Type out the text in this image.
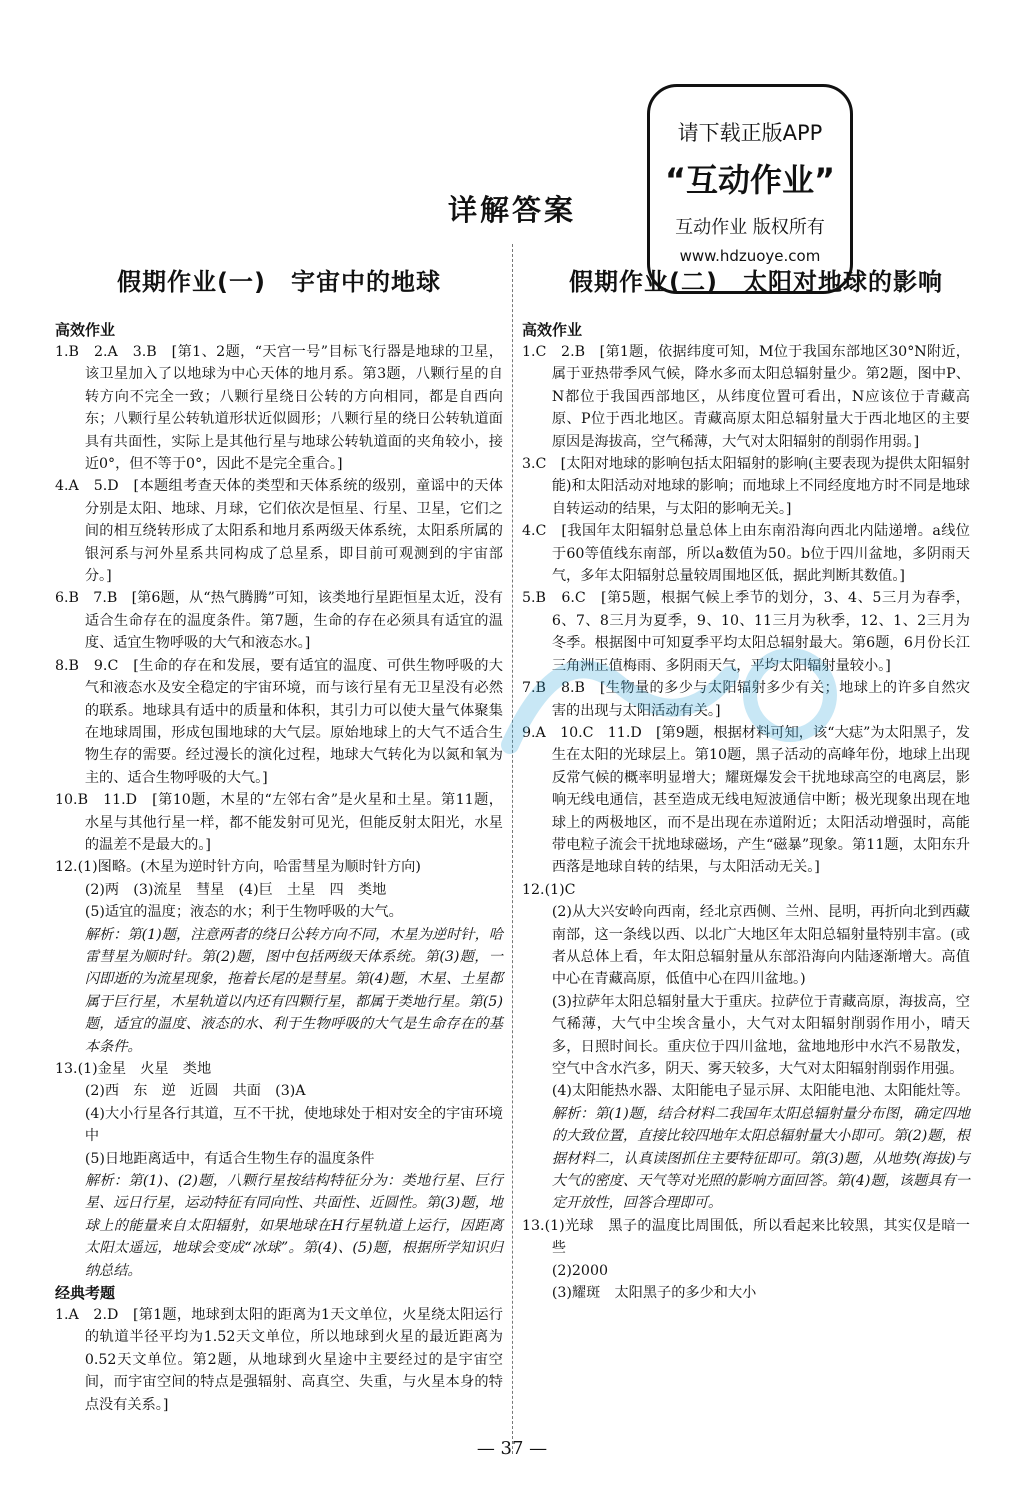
详解答案
请下载正版APP
“互动作业”
互动作业 版权所有
www.hdzuoye.com
假期作业(一)　宇宙中的地球

高效作业

1.B　2.A　3.B　[第1、2题，“天宫一号”目标飞行器是地球的卫星，该卫星加入了以地球为中心天体的地月系。第3题，八颗行星的自转方向不完全一致；八颗行星绕日公转的方向相同，都是自西向东；八颗行星公转轨道形状近似圆形；八颗行星的绕日公转轨道面具有共面性，实际上是其他行星与地球公转轨道面的夹角较小，接近0°，但不等于0°，因此不是完全重合。]

4.A　5.D　[本题组考查天体的类型和天体系统的级别，童谣中的天体分别是太阳、地球、月球，它们依次是恒星、行星、卫星，它们之间的相互绕转形成了太阳系和地月系两级天体系统，太阳系所属的银河系与河外星系共同构成了总星系，即目前可观测到的宇宙部分。]

6.B　7.B　[第6题，从“热气腾腾”可知，该类地行星距恒星太近，没有适合生命存在的温度条件。第7题，生命的存在必须具有适宜的温度、适宜生物呼吸的大气和液态水。]

8.B　9.C　[生命的存在和发展，要有适宜的温度、可供生物呼吸的大气和液态水及安全稳定的宇宙环境，而与该行星有无卫星没有必然的联系。地球具有适中的质量和体积，其引力可以使大量气体聚集在地球周围，形成包围地球的大气层。原始地球上的大气不适合生物生存的需要。经过漫长的演化过程，地球大气转化为以氮和氧为主的、适合生物呼吸的大气。]

10.B　11.D　[第10题，木星的“左邻右舍”是火星和土星。第11题，水星与其他行星一样，都不能发射可见光，但能反射太阳光，水星的温差不是最大的。]

12.(1)图略。(木星为逆时针方向，哈雷彗星为顺时针方向)

(2)两　(3)流星　彗星　(4)巨　土星　四　类地

(5)适宜的温度；液态的水；利于生物呼吸的大气。

解析：第(1)题，注意两者的绕日公转方向不同，木星为逆时针，哈雷彗星为顺时针。第(2)题，图中包括两级天体系统。第(3)题，一闪即逝的为流星现象，拖着长尾的是彗星。第(4)题，木星、土星都属于巨行星，木星轨道以内还有四颗行星，都属于类地行星。第(5)题，适宜的温度、液态的水、利于生物呼吸的大气是生命存在的基本条件。

13.(1)金星　火星　类地

(2)西　东　逆　近圆　共面　(3)A

(4)大小行星各行其道，互不干扰，使地球处于相对安全的宇宙环境中

(5)日地距离适中，有适合生物生存的温度条件

解析：第(1)、(2)题，八颗行星按结构特征分为：类地行星、巨行星、远日行星，运动特征有同向性、共面性、近圆性。第(3)题，地球上的能量来自太阳辐射，如果地球在H行星轨道上运行，因距离太阳太遥远，地球会变成“冰球”。第(4)、(5)题，根据所学知识归纳总结。

经典考题

1.A　2.D　[第1题，地球到太阳的距离为1天文单位，火星绕太阳运行的轨道半径平均为1.52天文单位，所以地球到火星的最近距离为0.52天文单位。第2题，从地球到火星途中主要经过的是宇宙空间，而宇宙空间的特点是强辐射、高真空、失重，与火星本身的特点没有关系。]

假期作业(二)　太阳对地球的影响

高效作业

1.C　2.B　[第1题，依据纬度可知，M位于我国东部地区30°N附近，属于亚热带季风气候，降水多而太阳总辐射量少。第2题，图中P、N都位于我国西部地区，从纬度位置可看出，N应该位于青藏高原、P位于西北地区。青藏高原太阳总辐射量大于西北地区的主要原因是海拔高，空气稀薄，大气对太阳辐射的削弱作用弱。]

3.C　[太阳对地球的影响包括太阳辐射的影响(主要表现为提供太阳辐射能)和太阳活动对地球的影响；而地球上不同经度地方时不同是地球自转运动的结果，与太阳的影响无关。]

4.C　[我国年太阳辐射总量总体上由东南沿海向西北内陆递增。a线位于60等值线东南部，所以a数值为50。b位于四川盆地，多阴雨天气，多年太阳辐射总量较周围地区低，据此判断其数值。]

5.B　6.C　[第5题，根据气候上季节的划分，3、4、5三月为春季，6、7、8三月为夏季，9、10、11三月为秋季，12、1、2三月为冬季。根据图中可知夏季平均太阳总辐射最大。第6题，6月份长江三角洲正值梅雨、多阴雨天气，平均太阳辐射量较小。]

7.B　8.B　[生物量的多少与太阳辐射多少有关；地球上的许多自然灾害的出现与太阳活动有关。]

9.A　10.C　11.D　[第9题，根据材料可知，该“大痣”为太阳黑子，发生在太阳的光球层上。第10题，黑子活动的高峰年份，地球上出现反常气候的概率明显增大；耀斑爆发会干扰地球高空的电离层，影响无线电通信，甚至造成无线电短波通信中断；极光现象出现在地球上的两极地区，而不是出现在赤道附近；太阳活动增强时，高能带电粒子流会干扰地球磁场，产生“磁暴”现象。第11题，太阳东升西落是地球自转的结果，与太阳活动无关。]

12.(1)C

(2)从大兴安岭向西南，经北京西侧、兰州、昆明，再折向北到西藏南部，这一条线以西、以北广大地区年太阳总辐射量特别丰富。(或者从总体上看，年太阳总辐射量从东部沿海向内陆逐渐增大。高值中心在青藏高原，低值中心在四川盆地。)

(3)拉萨年太阳总辐射量大于重庆。拉萨位于青藏高原，海拔高，空气稀薄，大气中尘埃含量小，大气对太阳辐射削弱作用小，晴天多，日照时间长。重庆位于四川盆地，盆地地形中水汽不易散发，空气中含水汽多，阴天、雾天较多，大气对太阳辐射削弱作用强。

(4)太阳能热水器、太阳能电子显示屏、太阳能电池、太阳能灶等。

解析：第(1)题，结合材料二我国年太阳总辐射量分布图，确定四地的大致位置，直接比较四地年太阳总辐射量大小即可。第(2)题，根据材料二，认真读图抓住主要特征即可。第(3)题，从地势(海拔)与大气的密度、天气等对光照的影响方面回答。第(4)题，该题具有一定开放性，回答合理即可。

13.(1)光球　黑子的温度比周围低，所以看起来比较黑，其实仅是暗一些

(2)2000

(3)耀斑　太阳黑子的多少和大小

— 37 —
